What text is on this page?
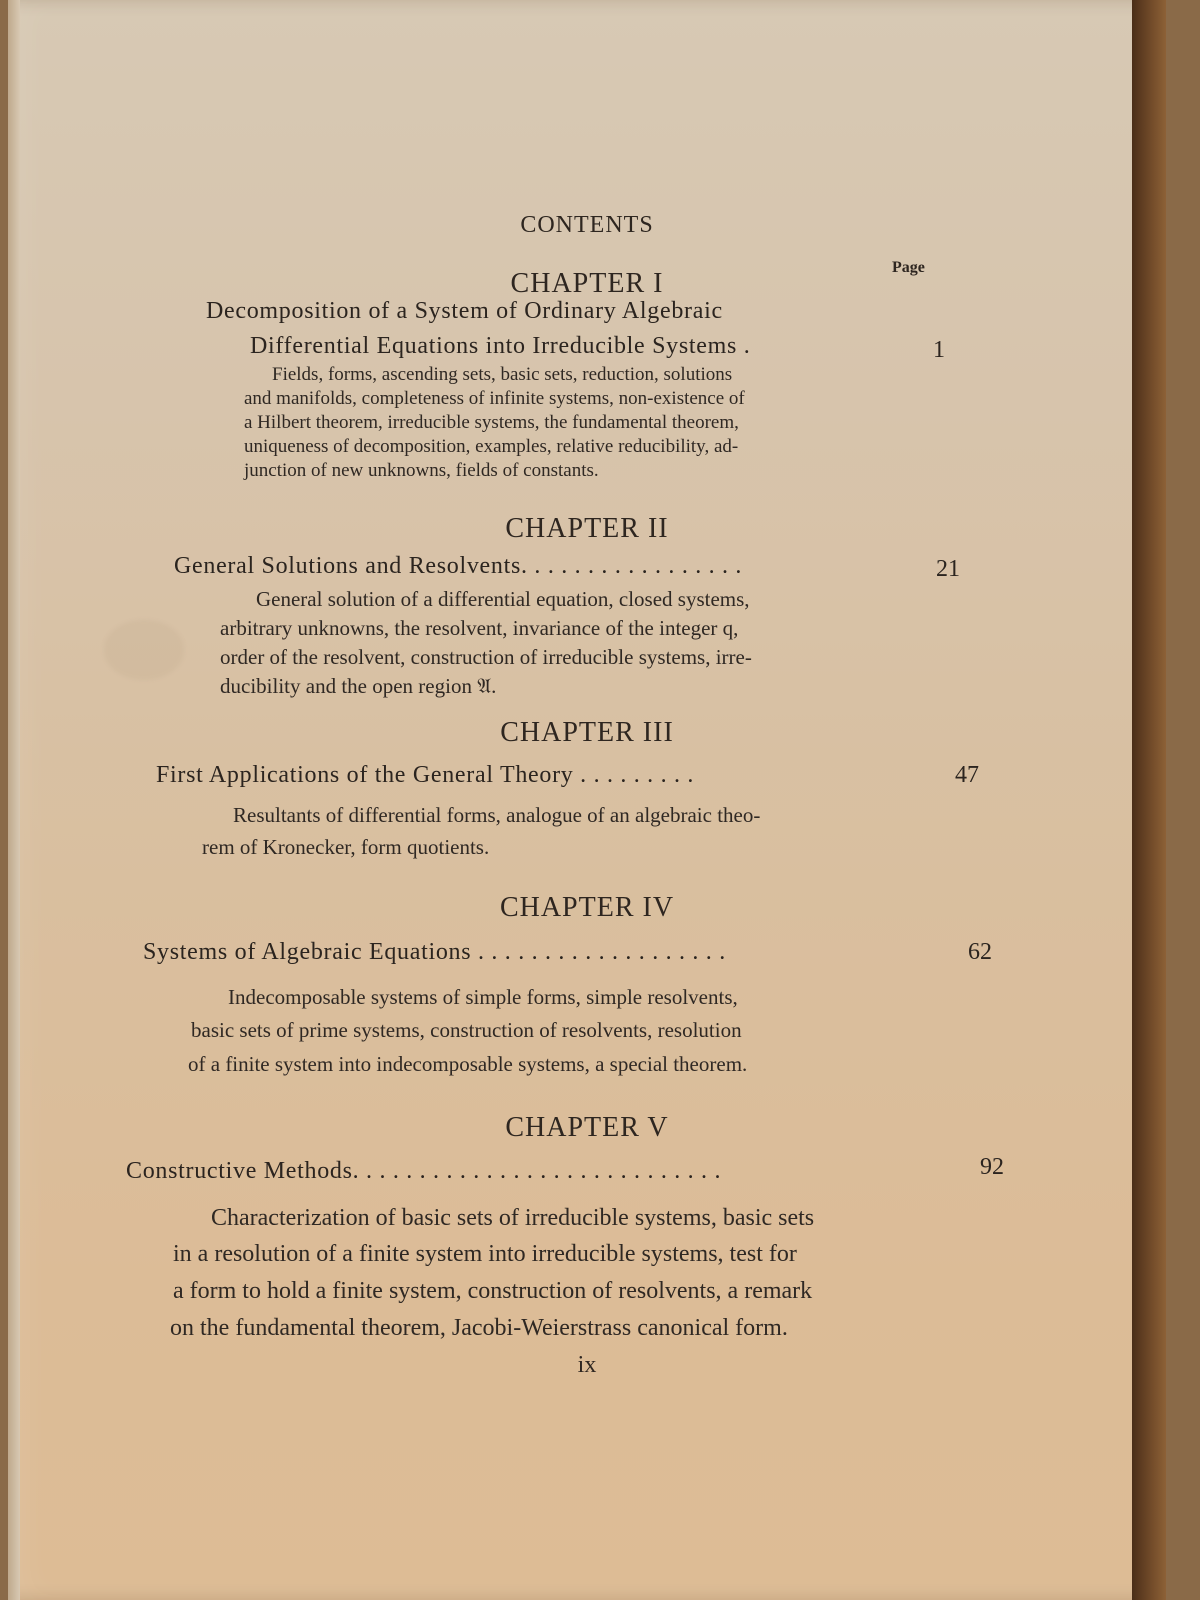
CONTENTS
Page
CHAPTER I
Decomposition of a System of Ordinary Algebraic
Differential Equations into Irreducible Systems .	1
Fields, forms, ascending sets, basic sets, reduction, solutions
and manifolds, completeness of infinite systems, non-existence of
a Hilbert theorem, irreducible systems, the fundamental theorem,
uniqueness of decomposition, examples, relative reducibility, ad-
junction of new unknowns, fields of constants.
CHAPTER II
General Solutions and Resolvents. . . . . . . . . . . . . . . . .	21
General solution of a differential equation, closed systems,
arbitrary unknowns, the resolvent, invariance of the integer q,
order of the resolvent, construction of irreducible systems, irre-
ducibility and the open region 𝔄.
CHAPTER III
First Applications of the General Theory . . . . . . . . .	47
Resultants of differential forms, analogue of an algebraic theo-
rem of Kronecker, form quotients.
CHAPTER IV
Systems of Algebraic Equations . . . . . . . . . . . . . . . . . . .	62
Indecomposable systems of simple forms, simple resolvents,
basic sets of prime systems, construction of resolvents, resolution
of a finite system into indecomposable systems, a special theorem.
CHAPTER V
Constructive Methods. . . . . . . . . . . . . . . . . . . . . . . . . . . .	92
Characterization of basic sets of irreducible systems, basic sets
in a resolution of a finite system into irreducible systems, test for
a form to hold a finite system, construction of resolvents, a remark
on the fundamental theorem, Jacobi-Weierstrass canonical form.
ix
